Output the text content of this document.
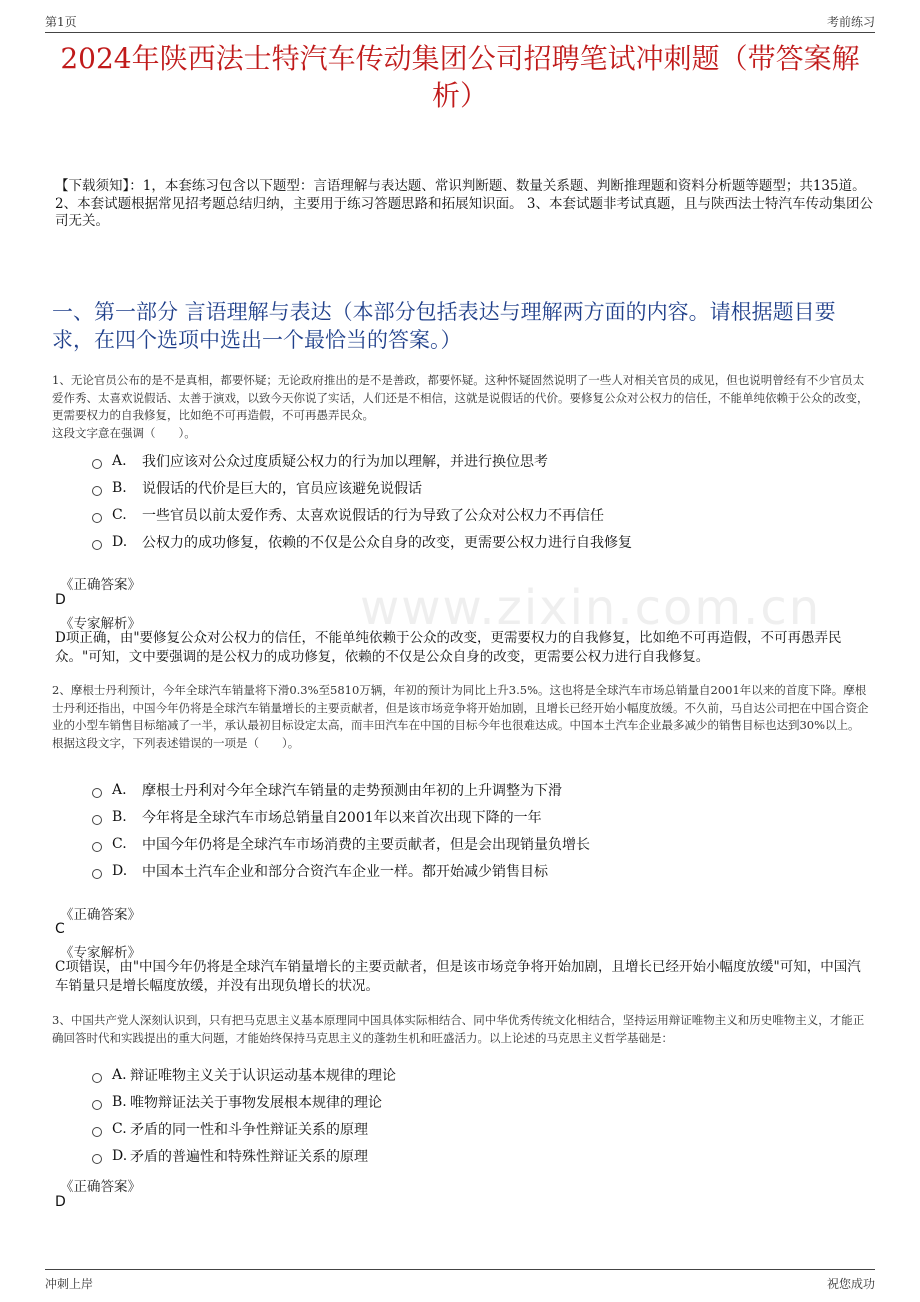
第1页	考前练习
www.zixin.com.cn
2024年陕西法士特汽车传动集团公司招聘笔试冲刺题（带答案解析）
【下载须知】：1，本套练习包含以下题型：言语理解与表达题、常识判断题、数量关系题、判断推理题和资料分析题等题型；共135道。 2、本套试题根据常见招考题总结归纳，主要用于练习答题思路和拓展知识面。 3、本套试题非考试真题，且与陕西法士特汽车传动集团公司无关。
一、第一部分 言语理解与表达（本部分包括表达与理解两方面的内容。请根据题目要求，在四个选项中选出一个最恰当的答案。）
1、无论官员公布的是不是真相，都要怀疑；无论政府推出的是不是善政，都要怀疑。这种怀疑固然说明了一些人对相关官员的成见，但也说明曾经有不少官员太爱作秀、太喜欢说假话、太善于演戏，以致今天你说了实话，人们还是不相信，这就是说假话的代价。要修复公众对公权力的信任，不能单纯依赖于公众的改变，更需要权力的自我修复，比如绝不可再造假，不可再愚弄民众。
这段文字意在强调（　　）。
A.	我们应该对公众过度质疑公权力的行为加以理解，并进行换位思考
B.	说假话的代价是巨大的，官员应该避免说假话
C.	一些官员以前太爱作秀、太喜欢说假话的行为导致了公众对公权力不再信任
D.	公权力的成功修复，依赖的不仅是公众自身的改变，更需要公权力进行自我修复
《正确答案》
D
《专家解析》
D项正确，由"要修复公众对公权力的信任，不能单纯依赖于公众的改变，更需要权力的自我修复，比如绝不可再造假，不可再愚弄民众。"可知，文中要强调的是公权力的成功修复，依赖的不仅是公众自身的改变，更需要公权力进行自我修复。
2、摩根士丹利预计，今年全球汽车销量将下滑0.3%至5810万辆，年初的预计为同比上升3.5%。这也将是全球汽车市场总销量自2001年以来的首度下降。摩根士丹利还指出，中国今年仍将是全球汽车销量增长的主要贡献者，但是该市场竞争将开始加剧，且增长已经开始小幅度放缓。不久前，马自达公司把在中国合资企业的小型车销售目标缩减了一半，承认最初目标设定太高，而丰田汽车在中国的目标今年也很难达成。中国本土汽车企业最多减少的销售目标也达到30%以上。
根据这段文字，下列表述错误的一项是（　　）。
A.	摩根士丹利对今年全球汽车销量的走势预测由年初的上升调整为下滑
B.	今年将是全球汽车市场总销量自2001年以来首次出现下降的一年
C.	中国今年仍将是全球汽车市场消费的主要贡献者，但是会出现销量负增长
D.	中国本土汽车企业和部分合资汽车企业一样。都开始减少销售目标
《正确答案》
C
《专家解析》
C项错误，由"中国今年仍将是全球汽车销量增长的主要贡献者，但是该市场竞争将开始加剧，且增长已经开始小幅度放缓"可知，中国汽车销量只是增长幅度放缓，并没有出现负增长的状况。
3、中国共产党人深刻认识到，只有把马克思主义基本原理同中国具体实际相结合、同中华优秀传统文化相结合，坚持运用辩证唯物主义和历史唯物主义，才能正确回答时代和实践提出的重大问题，才能始终保持马克思主义的蓬勃生机和旺盛活力。以上论述的马克思主义哲学基础是：
A. 辩证唯物主义关于认识运动基本规律的理论
B. 唯物辩证法关于事物发展根本规律的理论
C. 矛盾的同一性和斗争性辩证关系的原理
D. 矛盾的普遍性和特殊性辩证关系的原理
《正确答案》
D
冲刺上岸	祝您成功
